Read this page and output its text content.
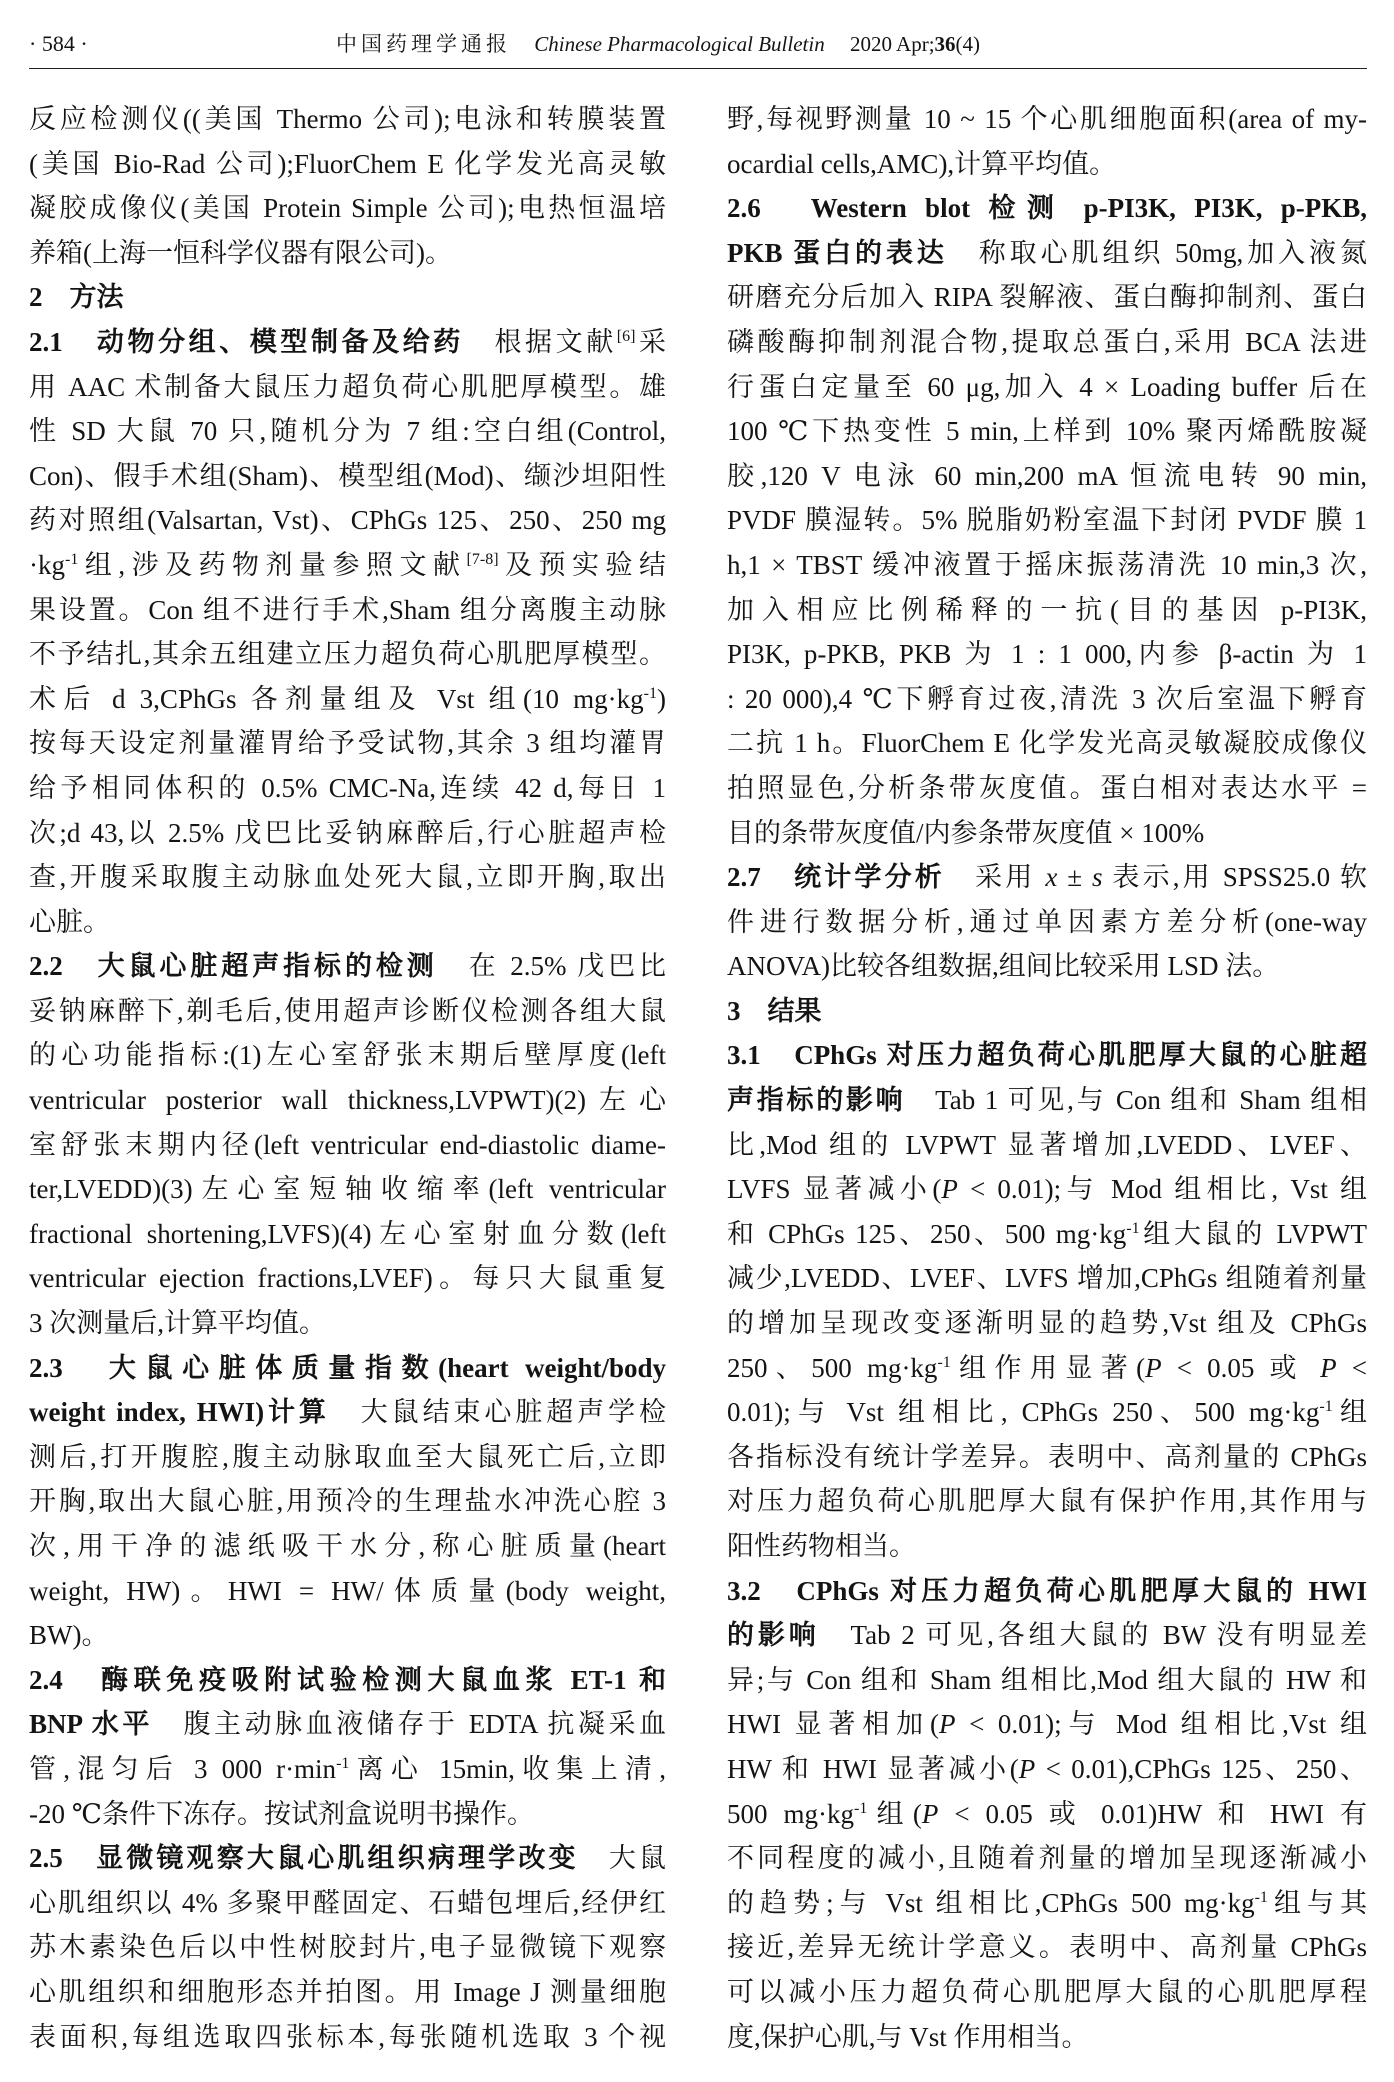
· 584 ·	中国药理学通报 Chinese Pharmacological Bulletin 2020 Apr;36(4)
反应检测仪((美国 Thermo 公司);电泳和转膜装置
(美国 Bio-Rad 公司);FluorChem E 化学发光高灵敏
凝胶成像仪(美国 Protein Simple 公司);电热恒温培
养箱(上海一恒科学仪器有限公司)。
2　方法
2.1　动物分组、模型制备及给药　根据文献[6]采
用 AAC 术制备大鼠压力超负荷心肌肥厚模型。雄
性 SD 大鼠 70 只,随机分为 7 组:空白组(Control,
Con)、假手术组(Sham)、模型组(Mod)、缬沙坦阳性
药对照组(Valsartan, Vst)、CPhGs 125、250、250 mg
$\cdot kg^{-1}$组,涉及药物剂量参照文献[7-8]及预实验结
果设置。Con 组不进行手术,Sham 组分离腹主动脉
不予结扎,其余五组建立压力超负荷心肌肥厚模型。
术后 d 3,CPhGs 各剂量组及 Vst 组(10 $mg\cdot kg^{-1}$)
按每天设定剂量灌胃给予受试物,其余 3 组均灌胃
给予相同体积的 0.5% CMC-Na,连续 42 d,每日 1
次;d 43,以 2.5% 戊巴比妥钠麻醉后,行心脏超声检
查,开腹采取腹主动脉血处死大鼠,立即开胸,取出
心脏。
2.2　大鼠心脏超声指标的检测　在 2.5% 戊巴比
妥钠麻醉下,剃毛后,使用超声诊断仪检测各组大鼠
的心功能指标:(1)左心室舒张末期后壁厚度(left
ventricular posterior wall thickness,LVPWT)(2)左心
室舒张末期内径(left ventricular end-diastolic diame-
ter,LVEDD)(3)左心室短轴收缩率(left ventricular
fractional shortening,LVFS)(4)左心室射血分数(left
ventricular ejection fractions,LVEF)。每只大鼠重复
3 次测量后,计算平均值。
2.3　大鼠心脏体质量指数(heart weight/body
weight index, HWI)计算　大鼠结束心脏超声学检
测后,打开腹腔,腹主动脉取血至大鼠死亡后,立即
开胸,取出大鼠心脏,用预冷的生理盐水冲洗心腔 3
次,用干净的滤纸吸干水分,称心脏质量(heart
weight, HW)。HWI = HW/体质量(body weight,
BW)。
2.4　酶联免疫吸附试验检测大鼠血浆 ET-1 和
BNP 水平　腹主动脉血液储存于 EDTA 抗凝采血
管,混匀后 3 000 $r\cdot\min^{-1}$离心 15min,收集上清,
-20 ℃条件下冻存。按试剂盒说明书操作。
2.5　显微镜观察大鼠心肌组织病理学改变　大鼠
心肌组织以 4% 多聚甲醛固定、石蜡包埋后,经伊红
苏木素染色后以中性树胶封片,电子显微镜下观察
心肌组织和细胞形态并拍图。用 Image J 测量细胞
表面积,每组选取四张标本,每张随机选取 3 个视
野,每视野测量 10 ~ 15 个心肌细胞面积(area of my-
ocardial cells,AMC),计算平均值。
2.6　Western blot 检测 p-PI3K, PI3K, p-PKB,
PKB 蛋白的表达　称取心肌组织 50mg,加入液氮
研磨充分后加入 RIPA 裂解液、蛋白酶抑制剂、蛋白
磷酸酶抑制剂混合物,提取总蛋白,采用 BCA 法进
行蛋白定量至 60 μg,加入 4 × Loading buffer 后在
100 ℃下热变性 5 min,上样到 10% 聚丙烯酰胺凝
胶,120 V 电泳 60 min,200 mA 恒流电转 90 min,
PVDF 膜湿转。5% 脱脂奶粉室温下封闭 PVDF 膜 1
h,1 × TBST 缓冲液置于摇床振荡清洗 10 min,3 次,
加入相应比例稀释的一抗(目的基因 p-PI3K,
PI3K, p-PKB, PKB 为 1 : 1 000,内参 β-actin 为 1
: 20 000),4 ℃下孵育过夜,清洗 3 次后室温下孵育
二抗 1 h。FluorChem E 化学发光高灵敏凝胶成像仪
拍照显色,分析条带灰度值。蛋白相对表达水平 =
目的条带灰度值/内参条带灰度值 × 100%
2.7　统计学分析　采用 x ± s 表示,用 SPSS25.0 软
件进行数据分析,通过单因素方差分析(one-way
ANOVA)比较各组数据,组间比较采用 LSD 法。
3　结果
3.1　CPhGs 对压力超负荷心肌肥厚大鼠的心脏超
声指标的影响　Tab 1 可见,与 Con 组和 Sham 组相
比,Mod 组的 LVPWT 显著增加,LVEDD、LVEF、
LVFS 显著减小(P < 0.01);与 Mod 组相比, Vst 组
和 CPhGs 125、250、500 $mg\cdot kg^{-1}$组大鼠的 LVPWT
减少,LVEDD、LVEF、LVFS 增加,CPhGs 组随着剂量
的增加呈现改变逐渐明显的趋势,Vst 组及 CPhGs
250、500 $mg\cdot kg^{-1}$组作用显著(P < 0.05 或 P <
0.01);与 Vst 组相比, CPhGs 250、500 $mg\cdot kg^{-1}$组
各指标没有统计学差异。表明中、高剂量的 CPhGs
对压力超负荷心肌肥厚大鼠有保护作用,其作用与
阳性药物相当。
3.2　CPhGs 对压力超负荷心肌肥厚大鼠的 HWI
的影响　Tab 2 可见,各组大鼠的 BW 没有明显差
异;与 Con 组和 Sham 组相比,Mod 组大鼠的 HW 和
HWI 显著相加(P < 0.01);与 Mod 组相比,Vst 组
HW 和 HWI 显著减小(P < 0.01),CPhGs 125、250、
500 $mg\cdot kg^{-1}$组(P < 0.05 或 0.01)HW 和 HWI 有
不同程度的减小,且随着剂量的增加呈现逐渐减小
的趋势;与 Vst 组相比,CPhGs 500 $mg\cdot kg^{-1}$组与其
接近,差异无统计学意义。表明中、高剂量 CPhGs
可以减小压力超负荷心肌肥厚大鼠的心肌肥厚程
度,保护心肌,与 Vst 作用相当。
